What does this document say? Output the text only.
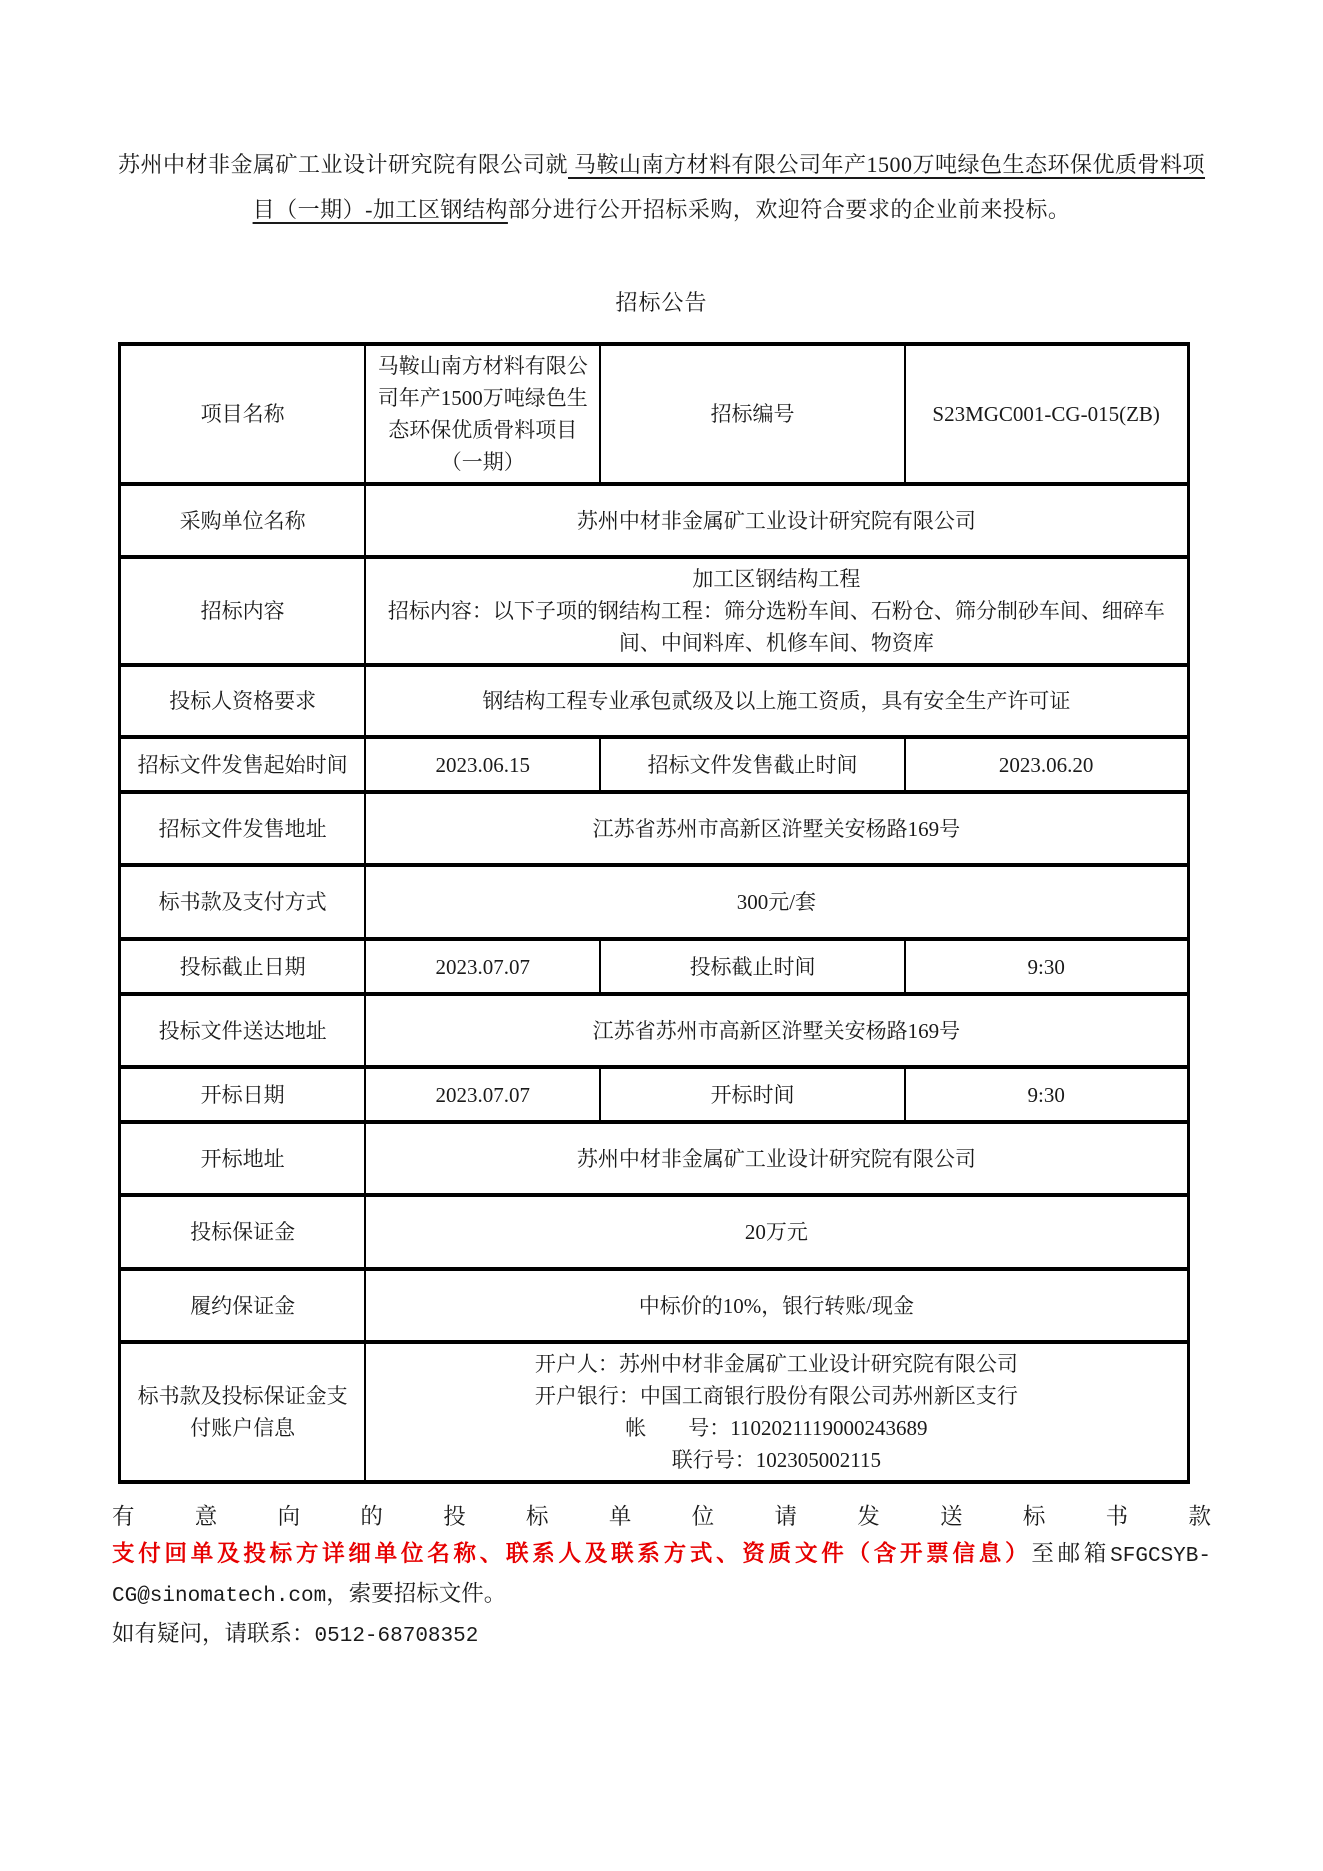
苏州中材非金属矿工业设计研究院有限公司就 马鞍山南方材料有限公司年产1500万吨绿色生态环保优质骨料项目（一期）-加工区钢结构部分进行公开招标采购，欢迎符合要求的企业前来投标。

招标公告
项目名称	马鞍山南方材料有限公司年产1500万吨绿色生态环保优质骨料项目（一期）	招标编号	S23MGC001-CG-015(ZB)
采购单位名称	苏州中材非金属矿工业设计研究院有限公司		
招标内容	加工区钢结构工程
招标内容：以下子项的钢结构工程：筛分选粉车间、石粉仓、筛分制砂车间、细碎车间、中间料库、机修车间、物资库		

投标人资格要求	钢结构工程专业承包贰级及以上施工资质，具有安全生产许可证		
招标文件发售起始时间	2023.06.15	招标文件发售截止时间	2023.06.20
招标文件发售地址	江苏省苏州市高新区浒墅关安杨路169号		
标书款及支付方式	300元/套		
投标截止日期	2023.07.07	投标截止时间	9:30
投标文件送达地址	江苏省苏州市高新区浒墅关安杨路169号		
开标日期	2023.07.07	开标时间	9:30
开标地址	苏州中材非金属矿工业设计研究院有限公司		
投标保证金	20万元		
履约保证金	中标价的10%，银行转账/现金		
标书款及投标保证金支付账户信息	开户人：苏州中材非金属矿工业设计研究院有限公司
开户银行：中国工商银行股份有限公司苏州新区支行
帐　　号：1102021119000243689
联行号：102305002115		

有意向的投标单位请发送标书款支付回单及投标方详细单位名称、联系人及联系方式、资质文件（含开票信息）至邮箱SFGCSYB-CG@sinomatech.com，索要招标文件。

如有疑问，请联系：0512-68708352
